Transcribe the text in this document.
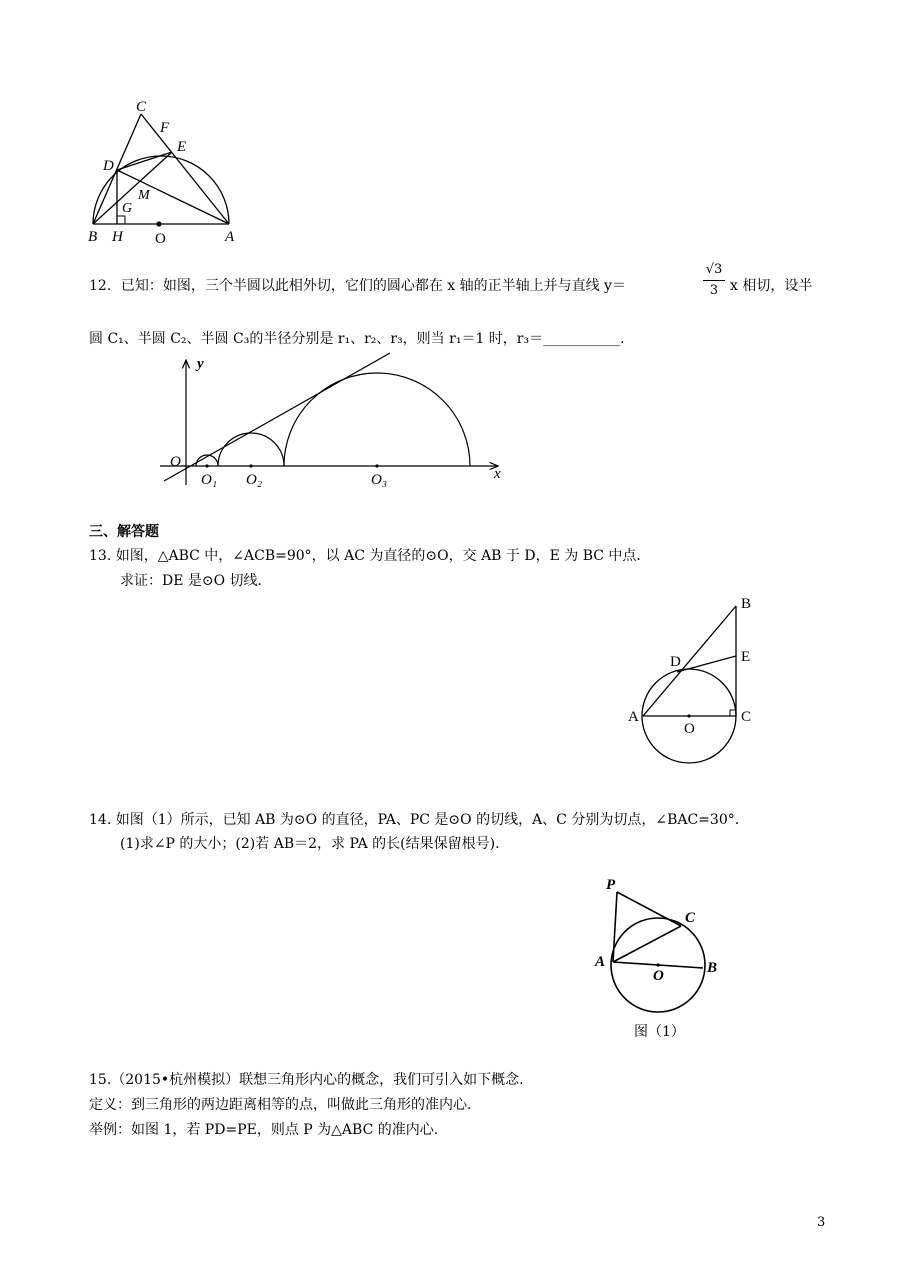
C
F
E
D
M
G
B H O	A
12．已知：如图，三个半圆以此相外切，它们的圆心都在 x 轴的正半轴上并与直线 y＝
√3
3 x 相切，设半
圆 C₁、半圆 C₂、半圆 C₃的半径分别是 r₁、r₂、r₃，则当 r₁＝1 时，r₃＝___________.
y
x
O
O₁ O₂	O₃
三、解答题
13. 如图，△ABC 中，∠ACB=90°，以 AC 为直径的⊙O，交 AB 于 D，E 为 BC 中点.
求证：DE 是⊙O 切线.
B
D	E
A
O
C
14. 如图（1）所示，已知 AB 为⊙O 的直径，PA、PC 是⊙O 的切线，A、C 分别为切点，∠BAC=30°.
(1)求∠P 的大小；(2)若 AB＝2，求 PA 的长(结果保留根号).
P
C
A
O	B
图（1）
15.（2015•杭州模拟）联想三角形内心的概念，我们可引入如下概念.
定义：到三角形的两边距离相等的点，叫做此三角形的准内心.
举例：如图 1，若 PD=PE，则点 P 为△ABC 的准内心.
3
